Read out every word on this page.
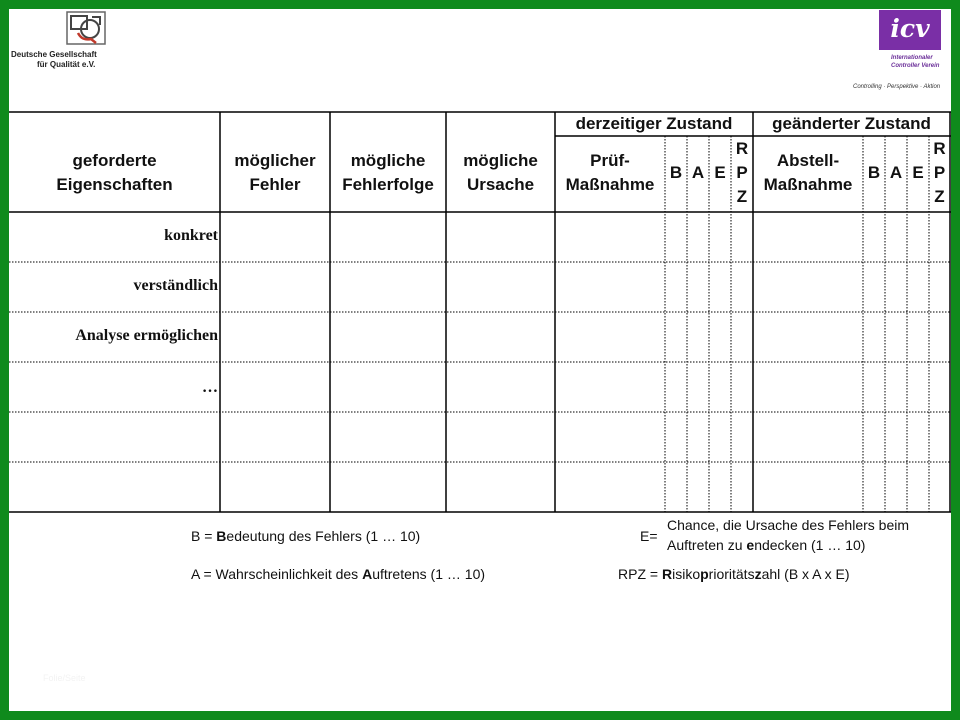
Deutsche Gesellschaft
für Qualität e.V.
icv
Internationaler
Controller Verein
Controlling · Perspektive · Aktion
derzeitiger Zustand	geänderter Zustand
geforderte
Eigenschaften
möglicher
Fehler
mögliche
Fehlerfolge
mögliche
Ursache
Prüf-
Maßnahme
B A E
R
P
Z
Abstell-
Maßnahme
B A E
R
P
Z
konkret
verständlich
Analyse ermöglichen
…
B = Bedeutung des Fehlers (1 … 10)
A = Wahrscheinlichkeit des Auftretens (1 … 10)
E=
Chance, die Ursache des Fehlers beim
Auftreten zu endecken (1 … 10)
RPZ = Risikoprioritätszahl (B x A x E)
Folie/Seite
